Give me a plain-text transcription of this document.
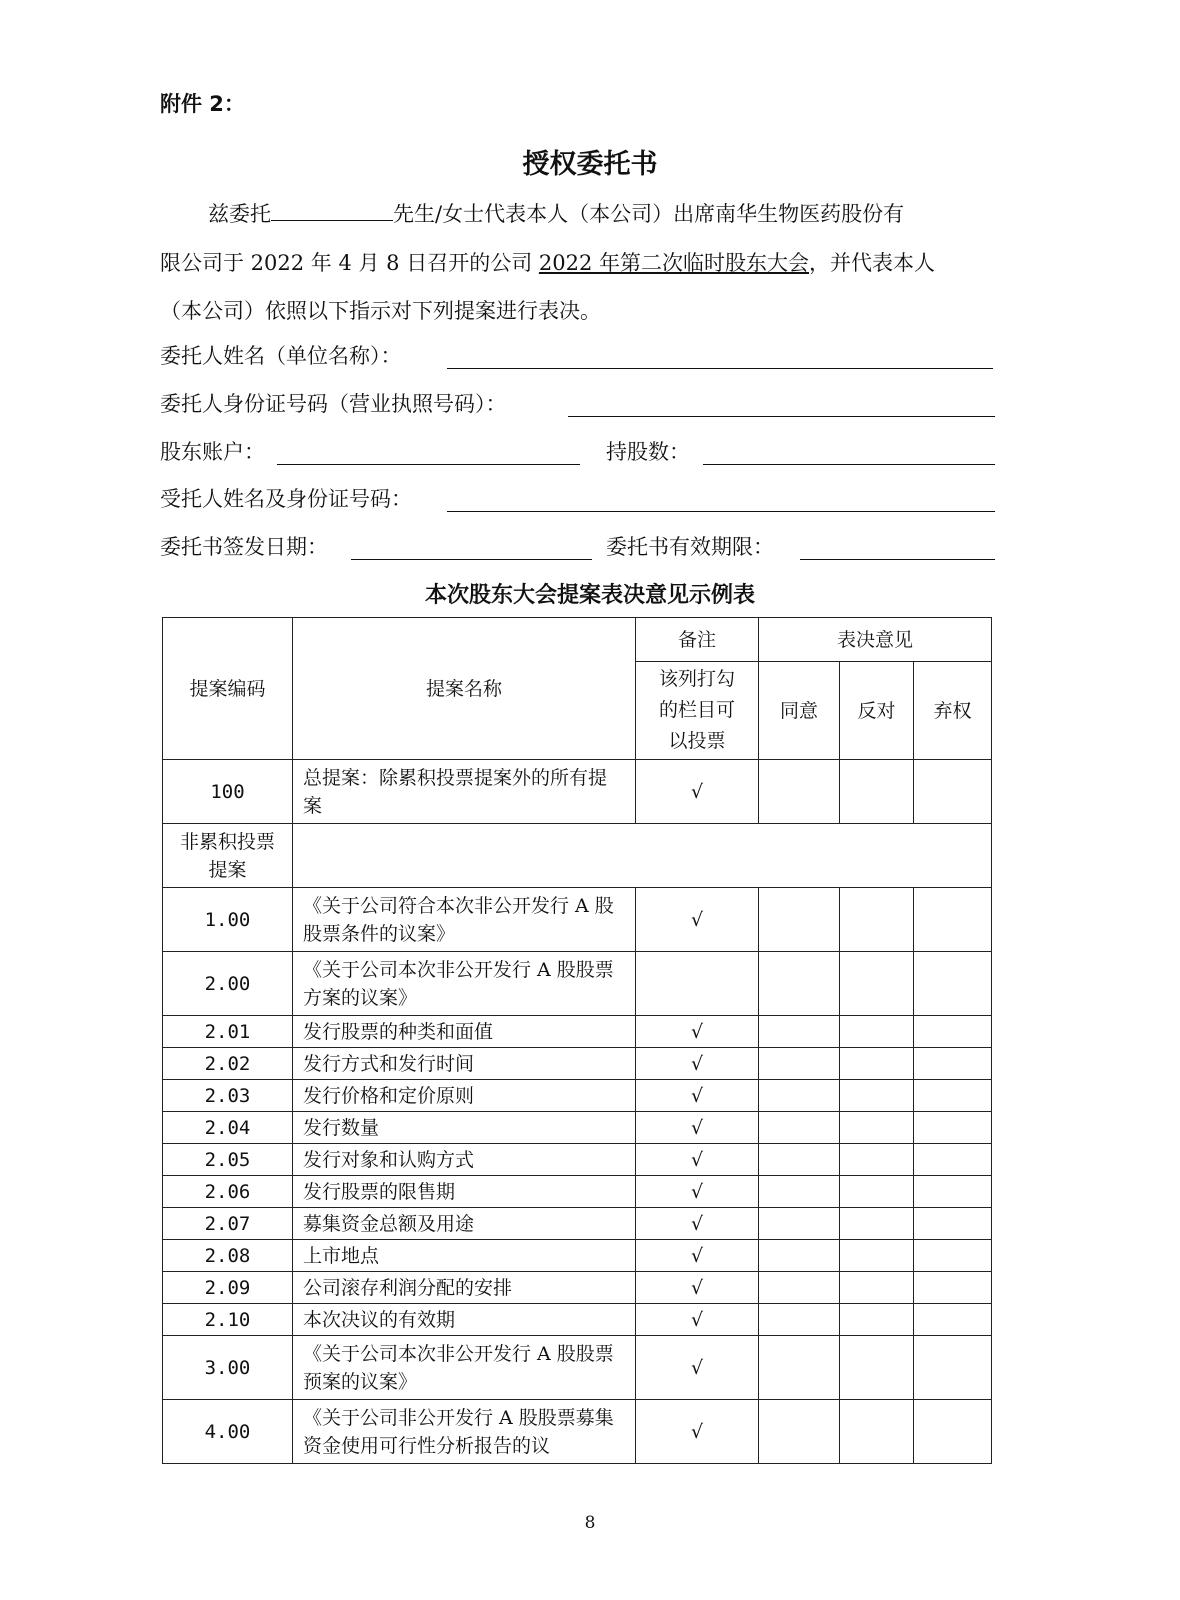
附件 2：
授权委托书
兹委托	先生/女士代表本人（本公司）出席南华生物医药股份有
限公司于 2022 年 4 月 8 日召开的公司 2022 年第二次临时股东大会，并代表本人
（本公司）依照以下指示对下列提案进行表决。
委托人姓名（单位名称）：
委托人身份证号码（营业执照号码）：
股东账户：	持股数：
受托人姓名及身份证号码：
委托书签发日期：	委托书有效期限：
本次股东大会提案表决意见示例表
提案编码	提案名称	备注	表决意见		
		该列打勾的栏目可以投票	同意	反对	弃权
100	总提案：除累积投票提案外的所有提案	√			
非累积投票提案					
1.00	《关于公司符合本次非公开发行 A 股股票条件的议案》	√			
2.00	《关于公司本次非公开发行 A 股股票方案的议案》				
2.01	发行股票的种类和面值	√			
2.02	发行方式和发行时间	√			
2.03	发行价格和定价原则	√			
2.04	发行数量	√			
2.05	发行对象和认购方式	√			
2.06	发行股票的限售期	√			
2.07	募集资金总额及用途	√			
2.08	上市地点	√			
2.09	公司滚存利润分配的安排	√			
2.10	本次决议的有效期	√			
3.00	《关于公司本次非公开发行 A 股股票预案的议案》	√			
4.00	《关于公司非公开发行 A 股股票募集资金使用可行性分析报告的议	√			
8
